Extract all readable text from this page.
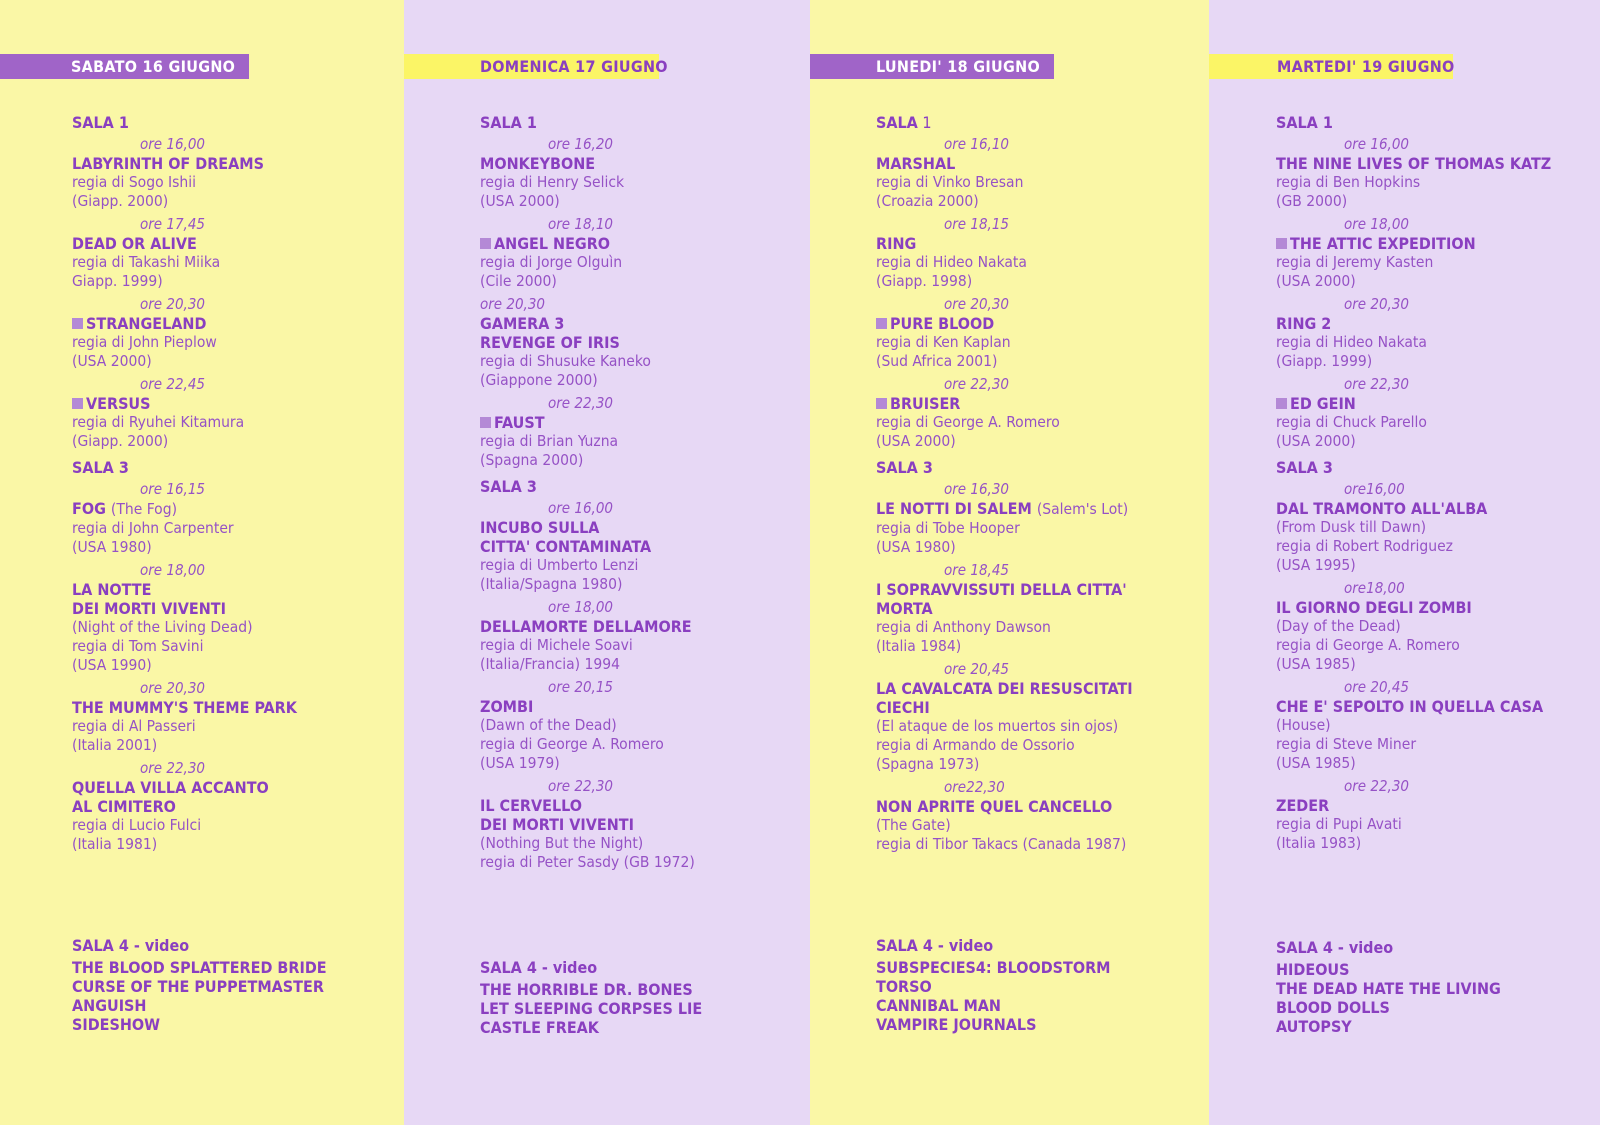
SABATO 16 GIUGNO
SALA 1
ore 16,00
LABYRINTH OF DREAMS
regia di Sogo Ishii
(Giapp. 2000)
ore 17,45
DEAD OR ALIVE
regia di Takashi Miika
Giapp. 1999)
ore 20,30
STRANGELAND
regia di John Pieplow
(USA 2000)
ore 22,45
VERSUS
regia di Ryuhei Kitamura
(Giapp. 2000)
SALA 3
ore 16,15
FOG (The Fog)
regia di John Carpenter
(USA 1980)
ore 18,00
LA NOTTE
DEI MORTI VIVENTI
(Night of the Living Dead)
regia di Tom Savini
(USA 1990)
ore 20,30
THE MUMMY'S THEME PARK
regia di Al Passeri
(Italia 2001)
ore 22,30
QUELLA VILLA ACCANTO
AL CIMITERO
regia di Lucio Fulci
(Italia 1981)
SALA 4 - video
THE BLOOD SPLATTERED BRIDE
CURSE OF THE PUPPETMASTER
ANGUISH
SIDESHOW
DOMENICA 17 GIUGNO
SALA 1
ore 16,20
MONKEYBONE
regia di Henry Selick
(USA 2000)
ore 18,10
ANGEL NEGRO
regia di Jorge Olguìn
(Cile 2000)
ore 20,30
GAMERA 3
REVENGE OF IRIS
regia di Shusuke Kaneko
(Giappone 2000)
ore 22,30
FAUST
regia di Brian Yuzna
(Spagna 2000)
SALA 3
ore 16,00
INCUBO SULLA
CITTA' CONTAMINATA
regia di Umberto Lenzi
(Italia/Spagna 1980)
ore 18,00
DELLAMORTE DELLAMORE
regia di Michele Soavi
(Italia/Francia) 1994
ore 20,15
ZOMBI
(Dawn of the Dead)
regia di George A. Romero
(USA 1979)
ore 22,30
IL CERVELLO
DEI MORTI VIVENTI
(Nothing But the Night)
regia di Peter Sasdy (GB 1972)
SALA 4 - video
THE HORRIBLE DR. BONES
LET SLEEPING CORPSES LIE
CASTLE FREAK
LUNEDI' 18 GIUGNO
SALA 1
ore 16,10
MARSHAL
regia di Vinko Bresan
(Croazia 2000)
ore 18,15
RING
regia di Hideo Nakata
(Giapp. 1998)
ore 20,30
PURE BLOOD
regia di Ken Kaplan
(Sud Africa 2001)
ore 22,30
BRUISER
regia di George A. Romero
(USA 2000)
SALA 3
ore 16,30
LE NOTTI DI SALEM (Salem's Lot)
regia di Tobe Hooper
(USA 1980)
ore 18,45
I SOPRAVVISSUTI DELLA CITTA'
MORTA
regia di Anthony Dawson
(Italia 1984)
ore 20,45
LA CAVALCATA DEI RESUSCITATI
CIECHI
(El ataque de los muertos sin ojos)
regia di Armando de Ossorio
(Spagna 1973)
ore22,30
NON APRITE QUEL CANCELLO
(The Gate)
regia di Tibor Takacs (Canada 1987)
SALA 4 - video
SUBSPECIES4: BLOODSTORM
TORSO
CANNIBAL MAN
VAMPIRE JOURNALS
MARTEDI' 19 GIUGNO
SALA 1
ore 16,00
THE NINE LIVES OF THOMAS KATZ
regia di Ben Hopkins
(GB 2000)
ore 18,00
THE ATTIC EXPEDITION
regia di Jeremy Kasten
(USA 2000)
ore 20,30
RING 2
regia di Hideo Nakata
(Giapp. 1999)
ore 22,30
ED GEIN
regia di Chuck Parello
(USA 2000)
SALA 3
ore16,00
DAL TRAMONTO ALL'ALBA
(From Dusk till Dawn)
regia di Robert Rodriguez
(USA 1995)
ore18,00
IL GIORNO DEGLI ZOMBI
(Day of the Dead)
regia di George A. Romero
(USA 1985)
ore 20,45
CHE E' SEPOLTO IN QUELLA CASA
(House)
regia di Steve Miner
(USA 1985)
ore 22,30
ZEDER
regia di Pupi Avati
(Italia 1983)
SALA 4 - video
HIDEOUS
THE DEAD HATE THE LIVING
BLOOD DOLLS
AUTOPSY
